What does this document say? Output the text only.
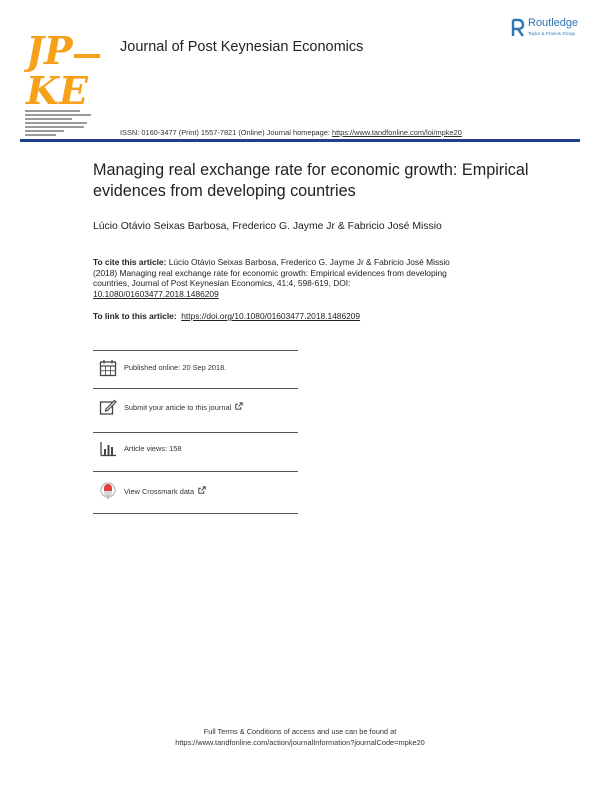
JP
KE
Journal of Post Keynesian Economics
Routledge
Taylor & Francis Group
ISSN: 0160-3477 (Print) 1557-7821 (Online) Journal homepage: https://www.tandfonline.com/loi/mpke20
Managing real exchange rate for economic growth: Empirical evidences from developing countries
Lúcio Otávio Seixas Barbosa, Frederico G. Jayme Jr & Fabricio José Missio
To cite this article: Lúcio Otávio Seixas Barbosa, Frederico G. Jayme Jr & Fabricio José Missio (2018) Managing real exchange rate for economic growth: Empirical evidences from developing countries, Journal of Post Keynesian Economics, 41:4, 598-619, DOI: 10.1080/01603477.2018.1486209
To link to this article: https://doi.org/10.1080/01603477.2018.1486209
Published online: 20 Sep 2018.
Submit your article to this journal
Article views: 158
View Crossmark data
Full Terms & Conditions of access and use can be found at
https://www.tandfonline.com/action/journalInformation?journalCode=mpke20
